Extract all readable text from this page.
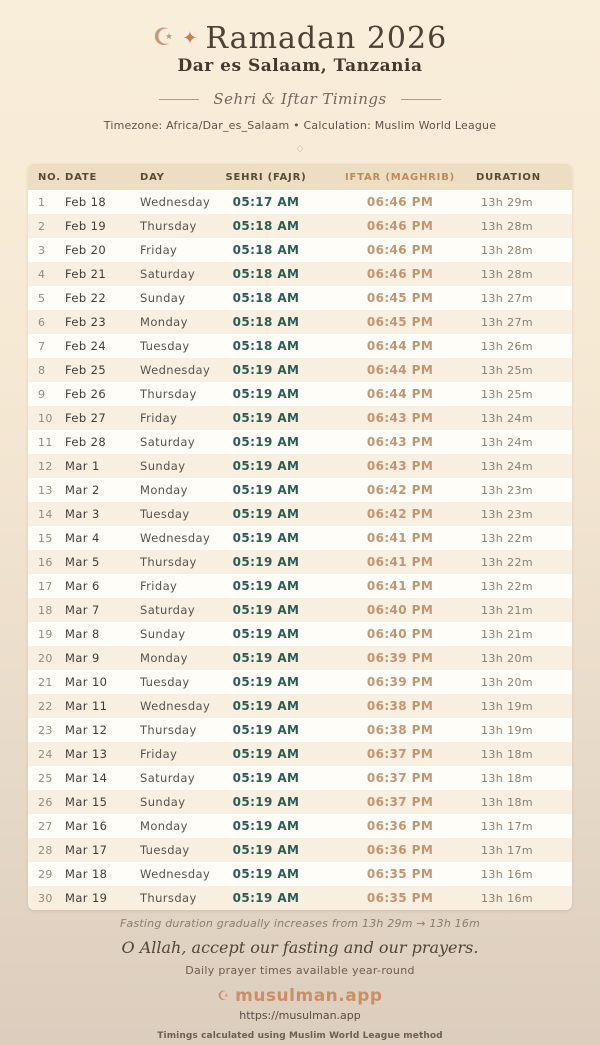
☪ ✦ Ramadan 2026
Dar es Salaam, Tanzania
Sehri & Iftar Timings
Timezone: Africa/Dar_es_Salaam • Calculation: Muslim World League
◇
NO.	DATE	DAY	SEHRI (FAJR)	IFTAR (MAGHRIB)	DURATION
1	Feb 18	Wednesday	05:17 AM	06:46 PM	13h 29m
2	Feb 19	Thursday	05:18 AM	06:46 PM	13h 28m
3	Feb 20	Friday	05:18 AM	06:46 PM	13h 28m
4	Feb 21	Saturday	05:18 AM	06:46 PM	13h 28m
5	Feb 22	Sunday	05:18 AM	06:45 PM	13h 27m
6	Feb 23	Monday	05:18 AM	06:45 PM	13h 27m
7	Feb 24	Tuesday	05:18 AM	06:44 PM	13h 26m
8	Feb 25	Wednesday	05:19 AM	06:44 PM	13h 25m
9	Feb 26	Thursday	05:19 AM	06:44 PM	13h 25m
10	Feb 27	Friday	05:19 AM	06:43 PM	13h 24m
11	Feb 28	Saturday	05:19 AM	06:43 PM	13h 24m
12	Mar 1	Sunday	05:19 AM	06:43 PM	13h 24m
13	Mar 2	Monday	05:19 AM	06:42 PM	13h 23m
14	Mar 3	Tuesday	05:19 AM	06:42 PM	13h 23m
15	Mar 4	Wednesday	05:19 AM	06:41 PM	13h 22m
16	Mar 5	Thursday	05:19 AM	06:41 PM	13h 22m
17	Mar 6	Friday	05:19 AM	06:41 PM	13h 22m
18	Mar 7	Saturday	05:19 AM	06:40 PM	13h 21m
19	Mar 8	Sunday	05:19 AM	06:40 PM	13h 21m
20	Mar 9	Monday	05:19 AM	06:39 PM	13h 20m
21	Mar 10	Tuesday	05:19 AM	06:39 PM	13h 20m
22	Mar 11	Wednesday	05:19 AM	06:38 PM	13h 19m
23	Mar 12	Thursday	05:19 AM	06:38 PM	13h 19m
24	Mar 13	Friday	05:19 AM	06:37 PM	13h 18m
25	Mar 14	Saturday	05:19 AM	06:37 PM	13h 18m
26	Mar 15	Sunday	05:19 AM	06:37 PM	13h 18m
27	Mar 16	Monday	05:19 AM	06:36 PM	13h 17m
28	Mar 17	Tuesday	05:19 AM	06:36 PM	13h 17m
29	Mar 18	Wednesday	05:19 AM	06:35 PM	13h 16m
30	Mar 19	Thursday	05:19 AM	06:35 PM	13h 16m
Fasting duration gradually increases from 13h 29m → 13h 16m
O Allah, accept our fasting and our prayers.
Daily prayer times available year-round
☪ musulman.app
https://musulman.app
Timings calculated using Muslim World League method
